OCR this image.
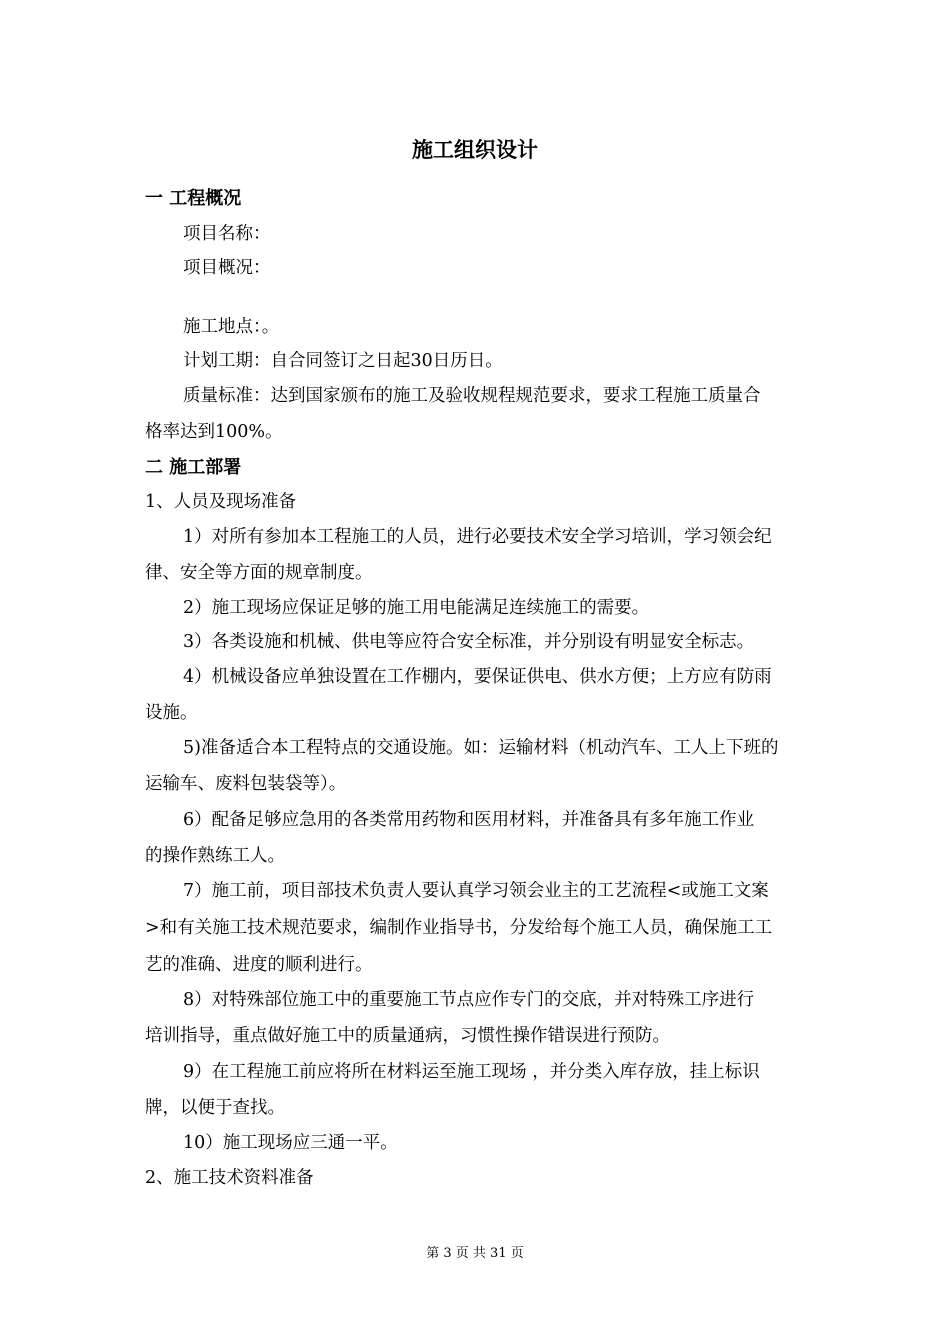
施工组织设计
一 工程概况
项目名称：
项目概况：
施工地点：。
计划工期：自合同签订之日起30日历日。
质量标准：达到国家颁布的施工及验收规程规范要求，要求工程施工质量合
格率达到100%。
二 施工部署
1、人员及现场准备
1）对所有参加本工程施工的人员，进行必要技术安全学习培训，学习领会纪
律、安全等方面的规章制度。
2）施工现场应保证足够的施工用电能满足连续施工的需要。
3）各类设施和机械、供电等应符合安全标准，并分别设有明显安全标志。
4）机械设备应单独设置在工作棚内，要保证供电、供水方便；上方应有防雨
设施。
5)准备适合本工程特点的交通设施。如：运输材料（机动汽车、工人上下班的
运输车、废料包装袋等）。
6）配备足够应急用的各类常用药物和医用材料，并准备具有多年施工作业
的操作熟练工人。
7）施工前，项目部技术负责人要认真学习领会业主的工艺流程<或施工文案
>和有关施工技术规范要求，编制作业指导书，分发给每个施工人员，确保施工工
艺的准确、进度的顺利进行。
8）对特殊部位施工中的重要施工节点应作专门的交底，并对特殊工序进行
培训指导，重点做好施工中的质量通病，习惯性操作错误进行预防。
9）在工程施工前应将所在材料运至施工现场 ，并分类入库存放，挂上标识
牌，以便于查找。
10）施工现场应三通一平。
2、施工技术资料准备
第 3 页 共 31 页
